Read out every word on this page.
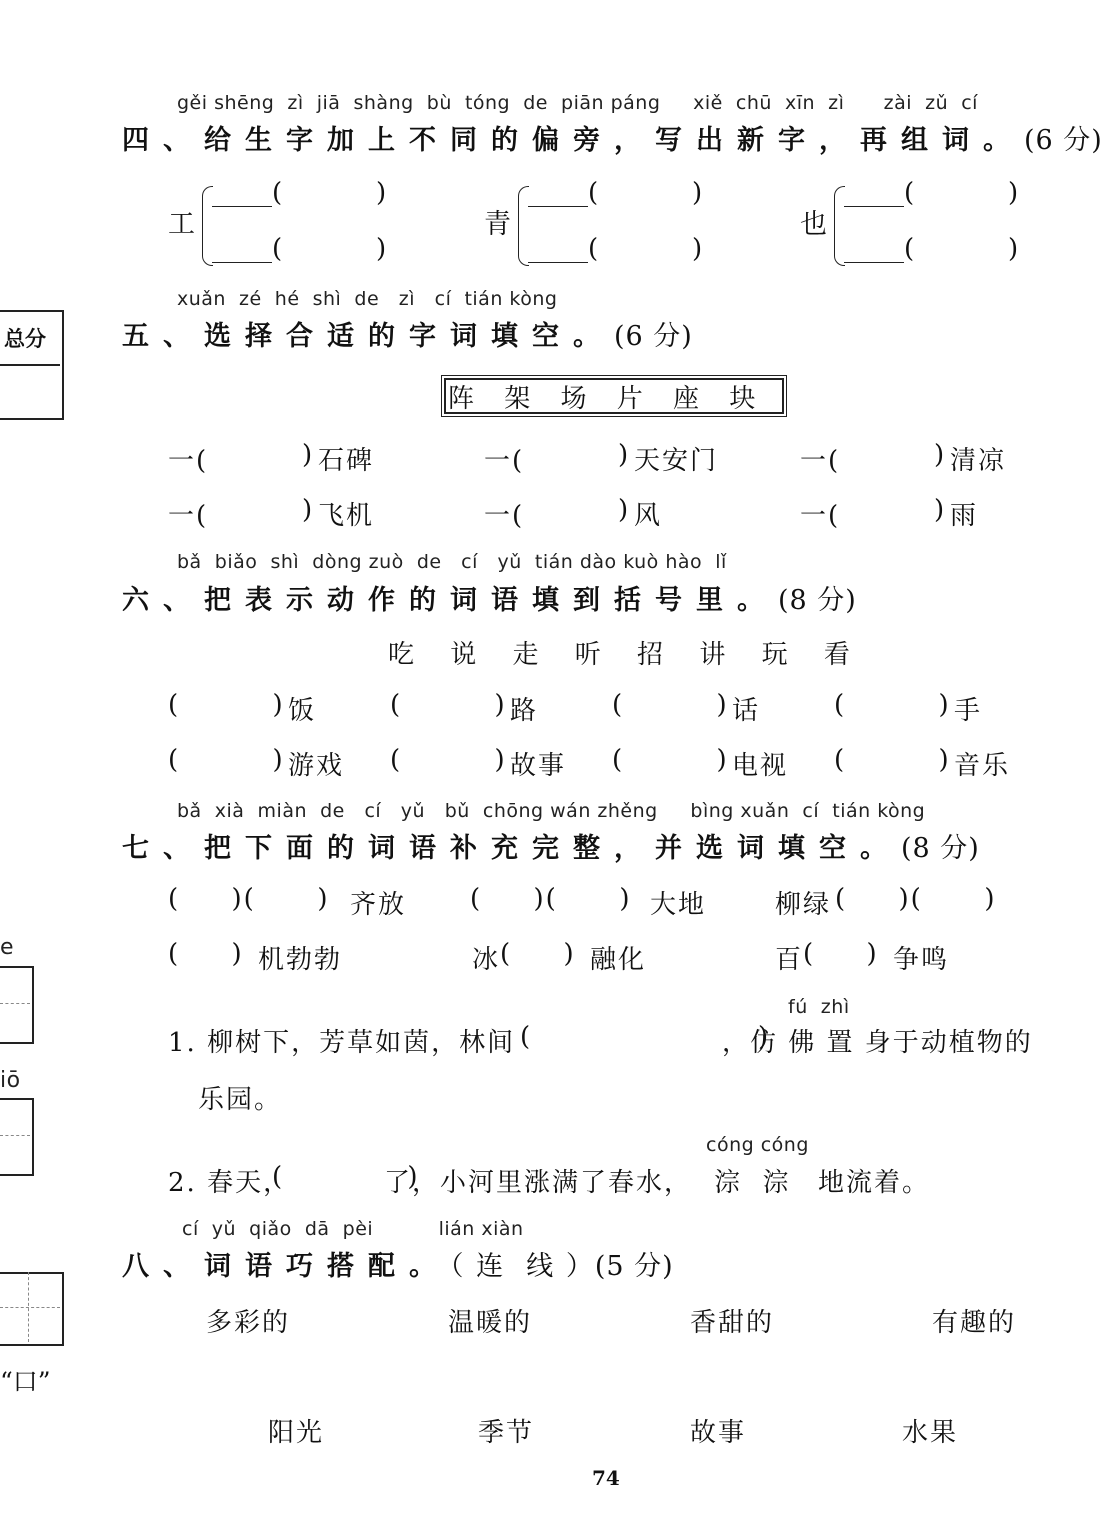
总分
e
iō
“口”
gěi shēng  zì  jiā  shàng  bù  tóng  de  piān páng     xiě  chū  xīn  zì      zài  zǔ  cí
四、给生字加上不同的偏旁，写出新字，再组词。(6 分)
工
(	)
(	)
青
(	)
(	)
也
(	)
(	)
xuǎn  zé  hé  shì  de   zì   cí  tián kòng
五、选择合适的字词填空。(6 分)
阵 架 场 片 座 块
一(	) 石碑	一(	) 天安门	一(	) 清凉
一(	) 飞机	一(	) 风	一(	) 雨
bǎ  biǎo  shì  dòng zuò  de   cí   yǔ  tián dào kuò hào  lǐ
六、把表示动作的词语填到括号里。(8 分)
吃 说 走 听 招 讲 玩 看
(         ) 饭	(         ) 路	(         ) 话	(         ) 手
(         ) 游戏 (         ) 故事 (         ) 电视 (         ) 音乐
bǎ  xià  miàn  de   cí   yǔ   bǔ  chōng wán zhěng     bìng xuǎn  cí  tián kòng
七、把下面的词语补充完整，并选词填空。(8 分)
(     )(      ) 齐放 (     )(      ) 大地	柳绿 (     )(      )
(     ) 机勃勃	冰 (     ) 融化	百 (     ) 争鸣
fú  zhì
1. 柳树下，芳草如茵，林间 (                      )
，仿 佛 置 身于动植物的
乐园。
cóng cóng
2. 春天，
(            )
了，小河里涨满了春水， 淙  淙 地流着。
cí  yǔ  qiǎo  dā  pèi          lián xiàn
八、词语巧搭配。（ 连  线 ）(5 分)
多彩的	温暖的	香甜的	有趣的
阳光	季节	故事	水果
74
